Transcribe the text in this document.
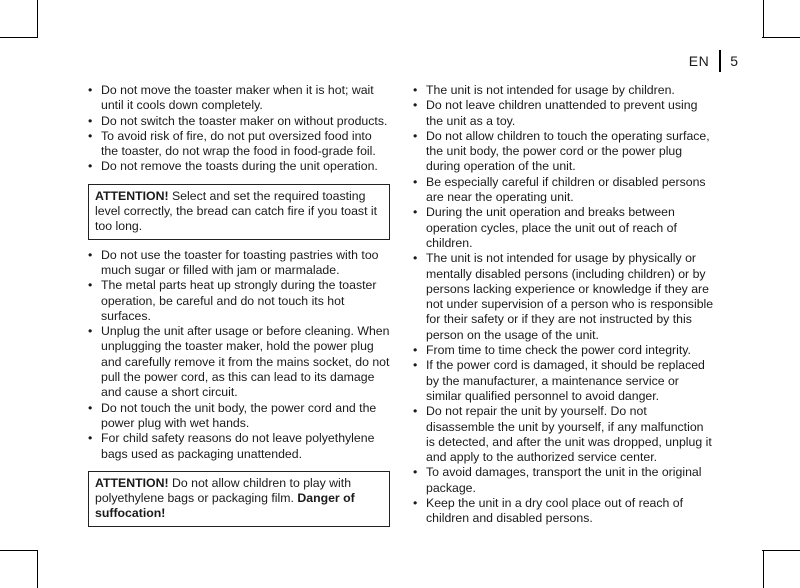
EN 5
• Do not move the toaster maker when it is hot; wait until it cools down completely.
• Do not switch the toaster maker on without products.
• To avoid risk of fire, do not put oversized food into the toaster, do not wrap the food in food-grade foil.
• Do not remove the toasts during the unit operation.
ATTENTION! Select and set the required toasting level correctly, the bread can catch fire if you toast it too long.
• Do not use the toaster for toasting pastries with too much sugar or filled with jam or marmalade.
• The metal parts heat up strongly during the toaster operation, be careful and do not touch its hot surfaces.
• Unplug the unit after usage or before cleaning. When unplugging the toaster maker, hold the power plug and carefully remove it from the mains socket, do not pull the power cord, as this can lead to its damage and cause a short circuit.
• Do not touch the unit body, the power cord and the power plug with wet hands.
• For child safety reasons do not leave polyethylene bags used as packaging unattended.
ATTENTION! Do not allow children to play with polyethylene bags or packaging film. Danger of suffocation!
• The unit is not intended for usage by children.
• Do not leave children unattended to prevent using the unit as a toy.
• Do not allow children to touch the operating surface, the unit body, the power cord or the power plug during operation of the unit.
• Be especially careful if children or disabled persons are near the operating unit.
• During the unit operation and breaks between operation cycles, place the unit out of reach of children.
• The unit is not intended for usage by physically or mentally disabled persons (including children) or by persons lacking experience or knowledge if they are not under supervision of a person who is responsible for their safety or if they are not instructed by this person on the usage of the unit.
• From time to time check the power cord integrity.
• If the power cord is damaged, it should be replaced by the manufacturer, a maintenance service or similar qualified personnel to avoid danger.
• Do not repair the unit by yourself. Do not disassemble the unit by yourself, if any malfunction is detected, and after the unit was dropped, unplug it and apply to the authorized service center.
• To avoid damages, transport the unit in the original package.
• Keep the unit in a dry cool place out of reach of children and disabled persons.
